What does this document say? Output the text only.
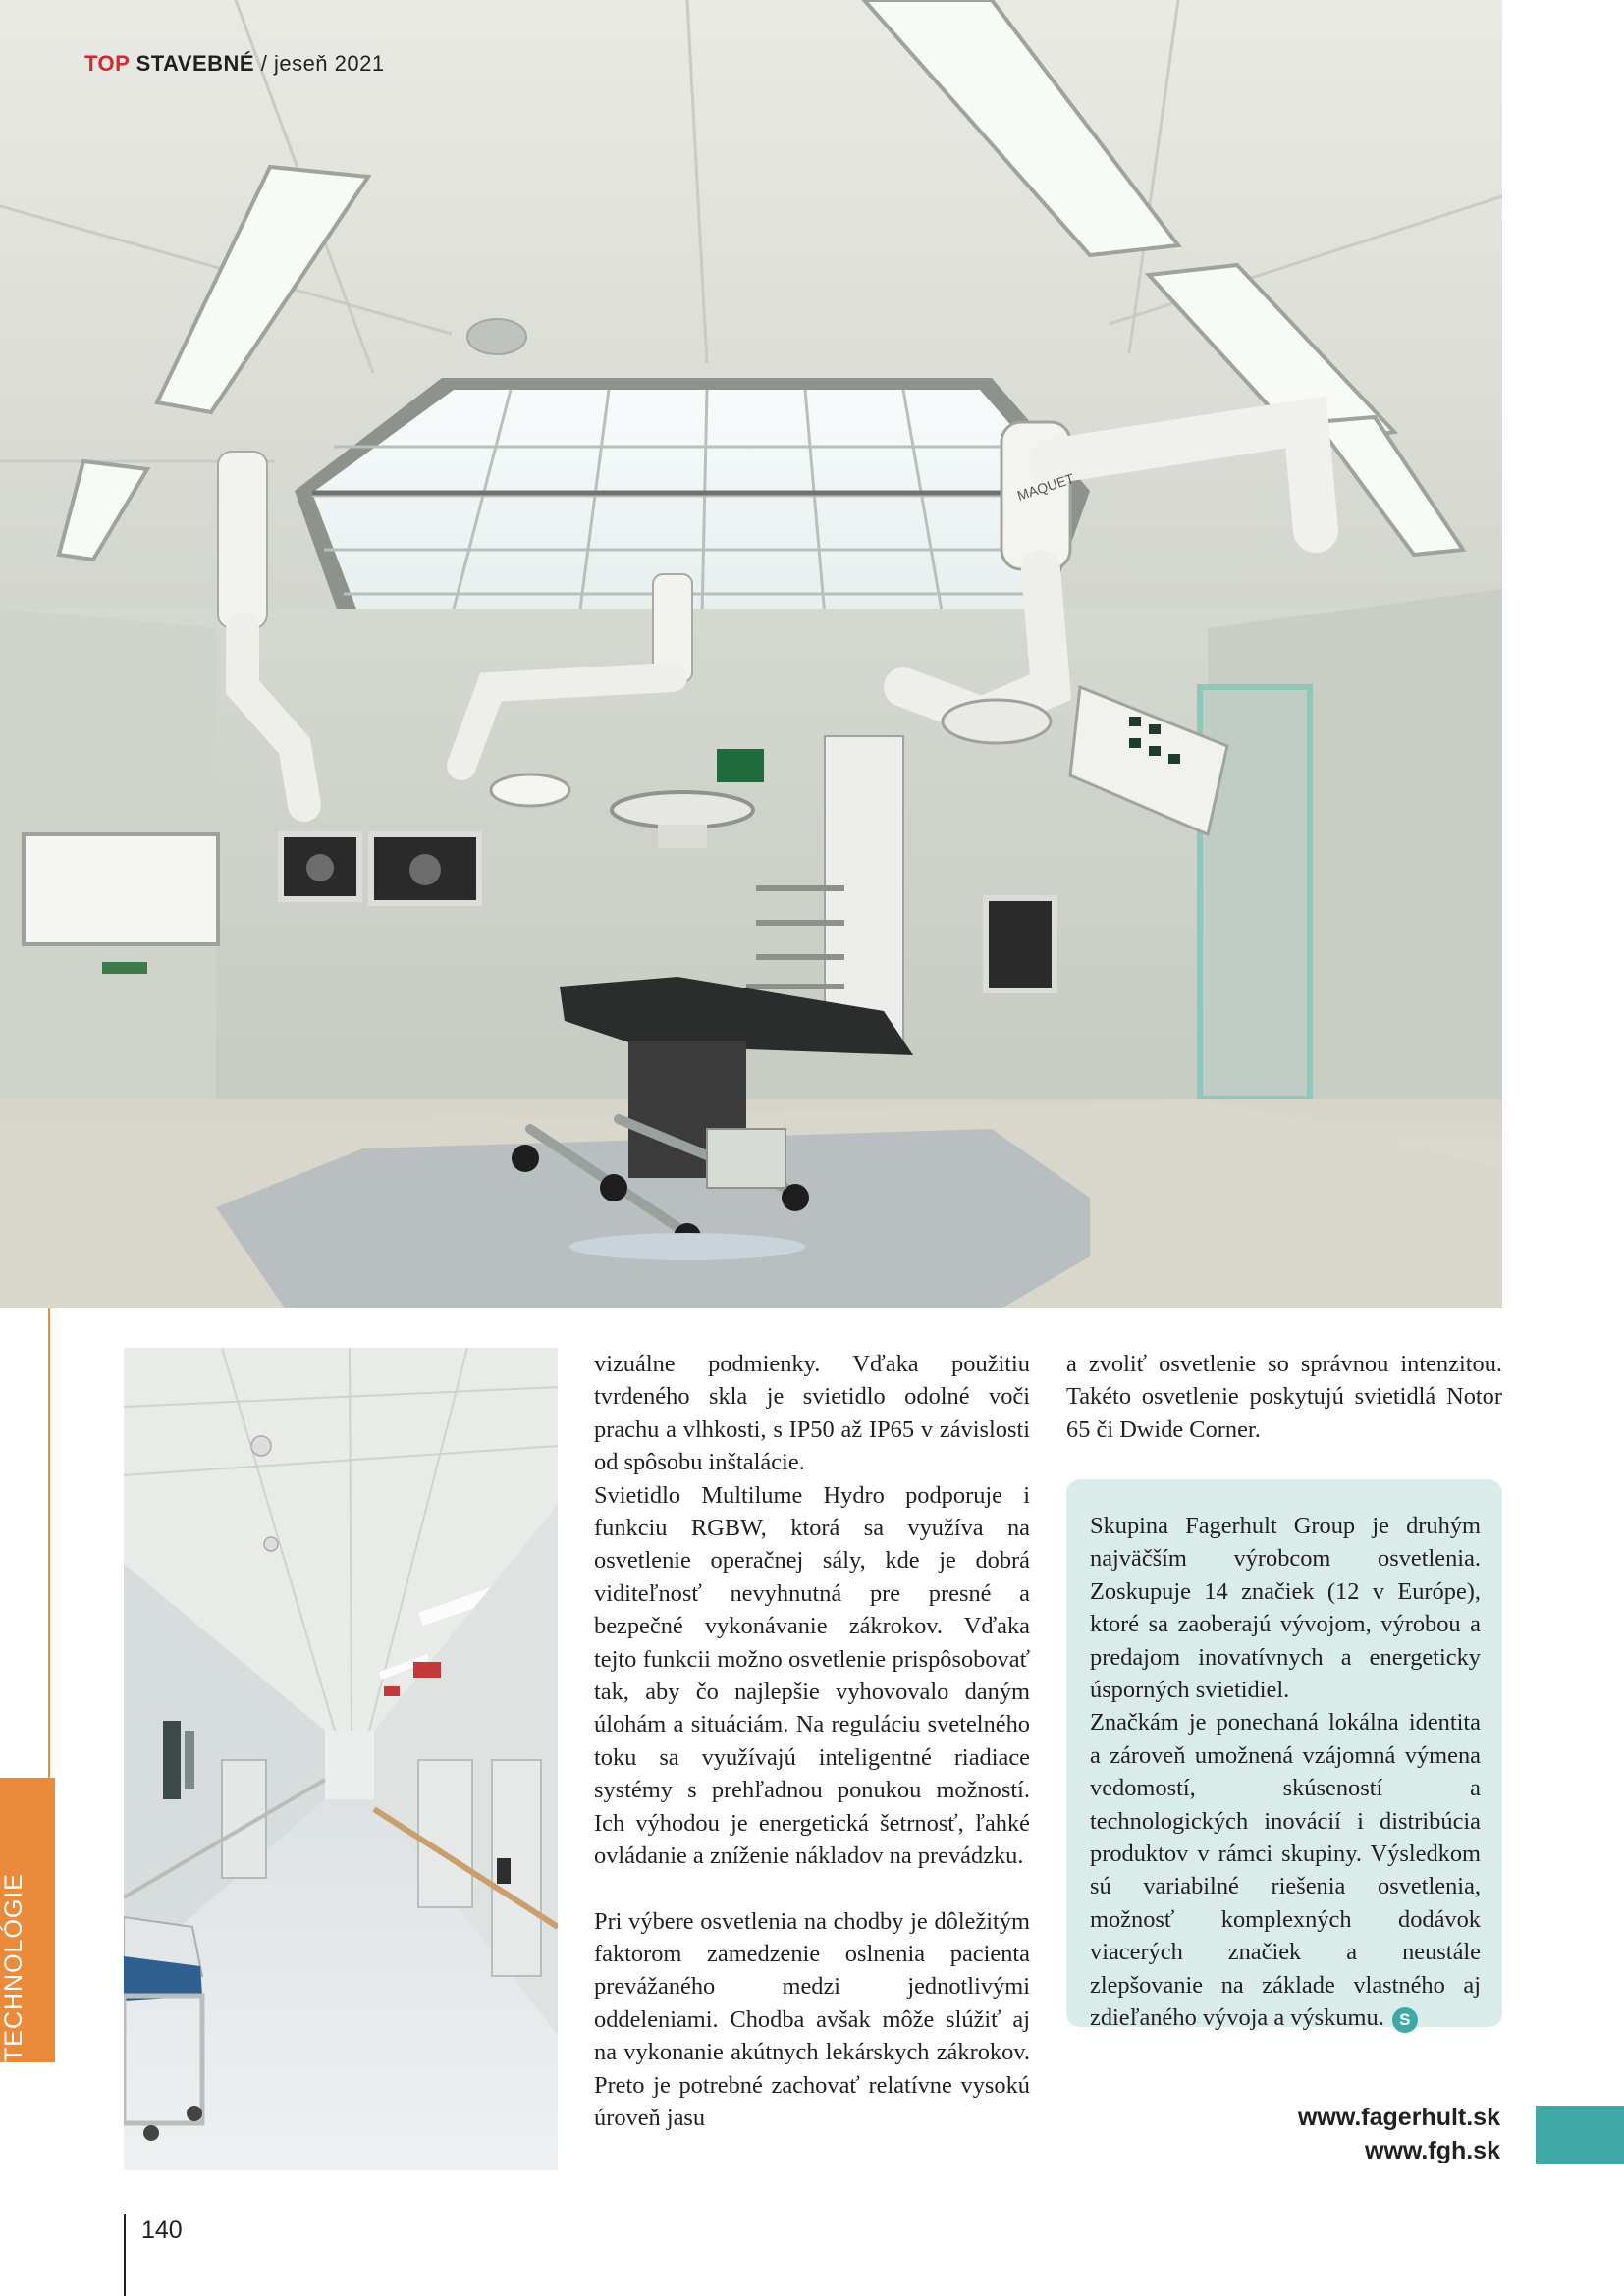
MAQUET
TOP STAVEBNÉ / jeseň 2021
140

vizuálne podmienky. Vďaka použitiu tvrdeného skla je svietidlo odolné voči prachu a vlhkosti, s IP50 až IP65 v závislosti od spôsobu inštalácie.

Svietidlo Multilume Hydro podporuje i funkciu RGBW, ktorá sa využíva na osvetlenie operačnej sály, kde je dobrá viditeľnosť nevyhnutná pre presné a bezpečné vykonávanie zákrokov. Vďaka tejto funkcii možno osvetlenie prispôsobovať tak, aby čo najlepšie vyhovovalo daným úlohám a situáciám. Na reguláciu svetelného toku sa využívajú inteligentné riadiace systémy s prehľadnou ponukou možností. Ich výhodou je energetická šetrnosť, ľahké ovládanie a zníženie nákladov na prevádzku.

Pri výbere osvetlenia na chodby je dôležitým faktorom zamedzenie oslnenia pacienta prevážaného medzi jednotlivými oddeleniami. Chodba avšak môže slúžiť aj na vykonanie akútnych lekárskych zákrokov. Preto je potrebné zachovať relatívne vysokú úroveň jasu

a zvoliť osvetlenie so správnou intenzitou. Takéto osvetlenie poskytujú svietidlá Notor 65 či Dwide Corner.

Skupina Fagerhult Group je druhým najväčším výrobcom osvetlenia. Zoskupuje 14 značiek (12 v Európe), ktoré sa zaoberajú vývojom, výrobou a predajom inovatívnych a energeticky úsporných svietidiel.

Značkám je ponechaná lokálna identita a zároveň umožnená vzájomná výmena vedomostí, skúseností a technologických inovácií i distribúcia produktov v rámci skupiny. Výsledkom sú variabilné riešenia osvetlenia, možnosť komplexných dodávok viacerých značiek a neustále zlepšovanie na základe vlastného aj zdieľaného vývoja a výskumu. S

www.fagerhult.sk
www.fgh.sk
